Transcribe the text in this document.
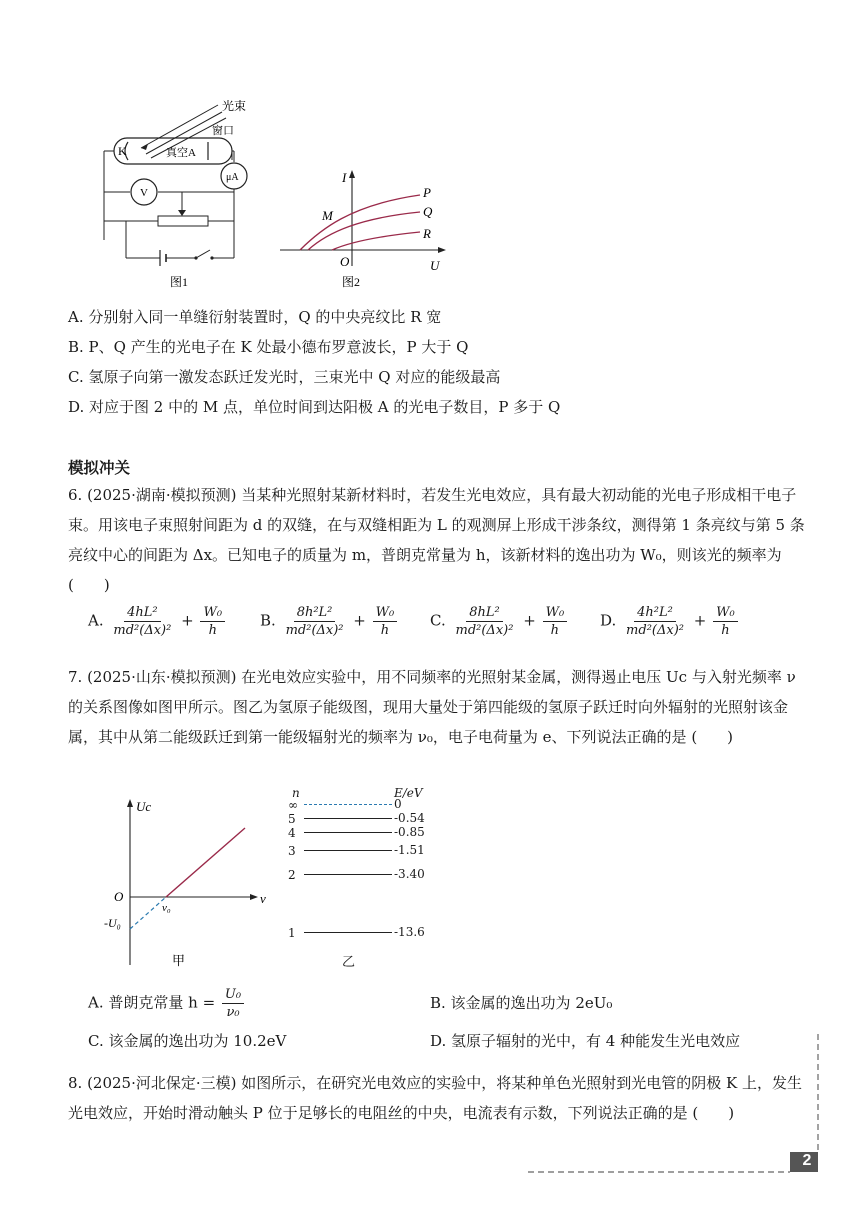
光束
窗口
K	真空A
μA
V
图1
I
U
O
M
P
Q
R
图2
A. 分别射入同一单缝衍射装置时，Q 的中央亮纹比 R 宽
B. P、Q 产生的光电子在 K 处最小德布罗意波长，P 大于 Q
C. 氢原子向第一激发态跃迁发光时，三束光中 Q 对应的能级最高
D. 对应于图 2 中的 M 点，单位时间到达阳极 A 的光电子数目，P 多于 Q
模拟冲关
6. (2025·湖南·模拟预测) 当某种光照射某新材料时，若发生光电效应，具有最大初动能的光电子形成相干电子束。用该电子束照射间距为 d 的双缝，在与双缝相距为 L 的观测屏上形成干涉条纹，测得第 1 条亮纹与第 5 条亮纹中心的间距为 Δx。已知电子的质量为 m，普朗克常量为 h，该新材料的逸出功为 W₀，则该光的频率为 (　　)
A. $\frac{\text{4hL²}}{\text{md²(Δx)²}} + \frac{\text{W₀}}{h} B$. $\frac{\text{8h²L²}}{\text{md²(Δx)²}} + \frac{\text{W₀}}{h} C$. $\frac{\text{8hL²}}{\text{md²(Δx)²}} + \frac{\text{W₀}}{h} D$. $\frac{\text{4h²L²}}{\text{md²(Δx)²}} + \frac{\text{W₀}}{h}$
7. (2025·山东·模拟预测) 在光电效应实验中，用不同频率的光照射某金属，测得遏止电压 Uc 与入射光频率 ν 的关系图像如图甲所示。图乙为氢原子能级图，现用大量处于第四能级的氢原子跃迁时向外辐射的光照射该金属，其中从第二能级跃迁到第一能级辐射光的频率为 ν₀，电子电荷量为 e、下列说法正确的是 (　　)
Uc
ν
O
ν₀
-U₀
甲
n	E/eV
∞	0
5	-0.54
4	-0.85
3	-1.51
2	-3.40
1	-13.6
乙
A. 普朗克常量 $h = \frac{\text{U₀}}{\text{ν₀}}$	B. 该金属的逸出功为 2eU₀
C. 该金属的逸出功为 10.2eV	D. 氢原子辐射的光中，有 4 种能发生光电效应
8. (2025·河北保定·三模) 如图所示，在研究光电效应的实验中，将某种单色光照射到光电管的阴极 K 上，发生光电效应，开始时滑动触头 P 位于足够长的电阻丝的中央，电流表有示数，下列说法正确的是 (　　)
2
